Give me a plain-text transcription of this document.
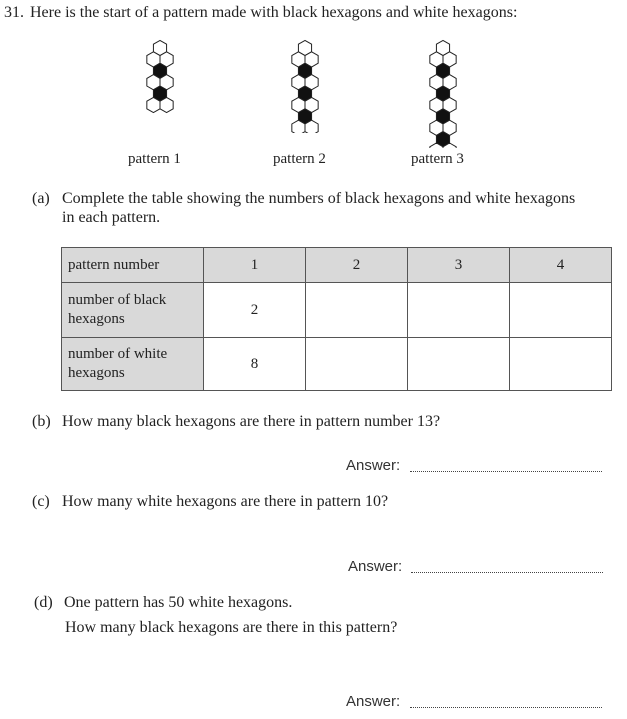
31. Here is the start of a pattern made with black hexagons and white hexagons:
pattern 1	pattern 2	pattern 3
(a) Complete the table showing the numbers of black hexagons and white hexagons
in each pattern.
pattern number	1	2	3	4

number of black
hexagons	2			

number of white
hexagons	8			
(b) How many black hexagons are there in pattern number 13?
Answer:
(c) How many white hexagons are there in pattern 10?
Answer:
(d) One pattern has 50 white hexagons.
How many black hexagons are there in this pattern?
Answer:
